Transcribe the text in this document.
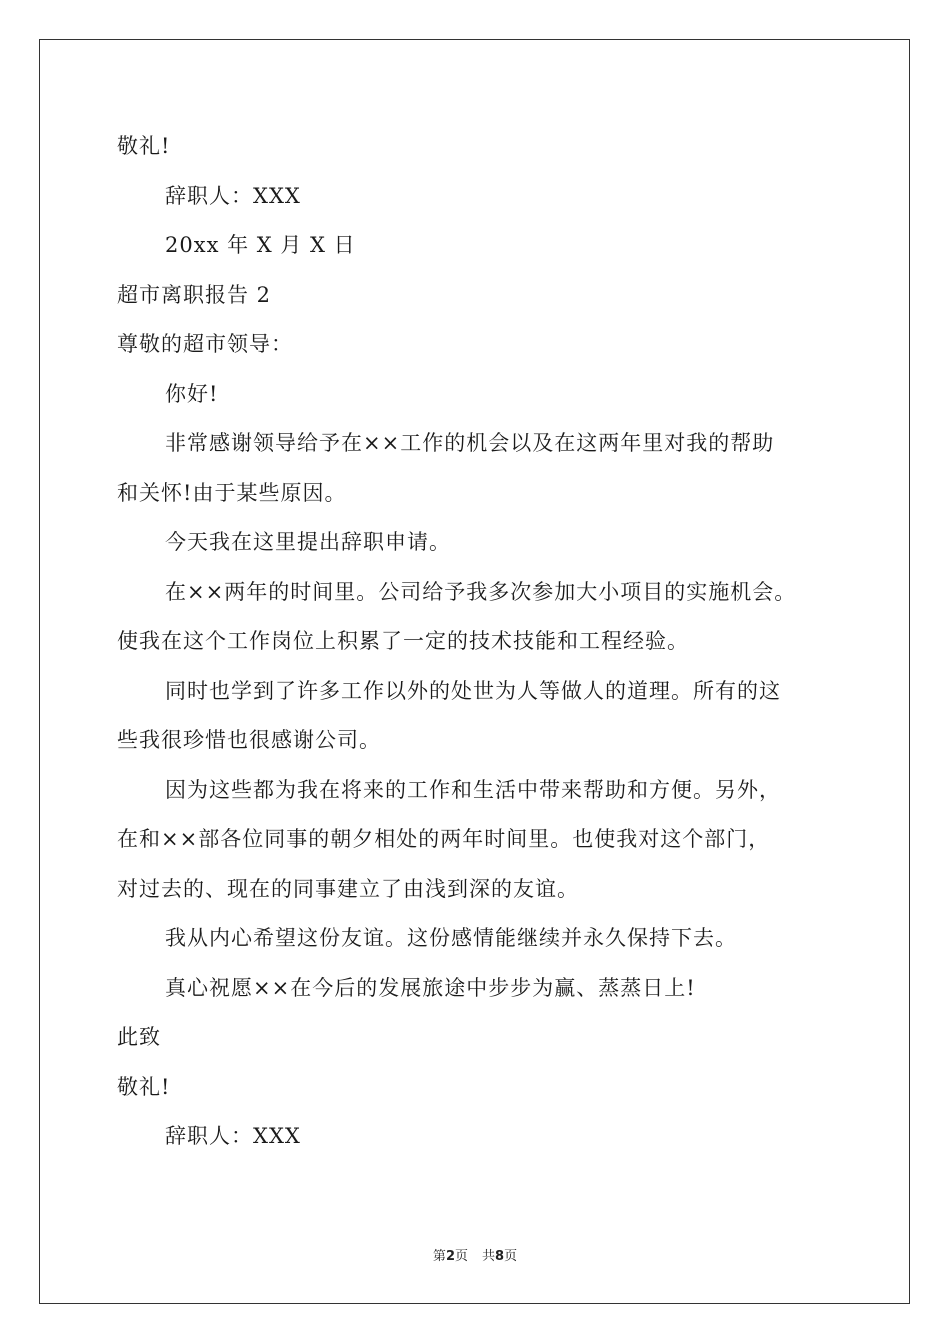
敬礼!
辞职人：XXX
20xx 年 X 月 X 日
超市离职报告 2
尊敬的超市领导：
你好!
非常感谢领导给予在××工作的机会以及在这两年里对我的帮助
和关怀!由于某些原因。
今天我在这里提出辞职申请。
在××两年的时间里。公司给予我多次参加大小项目的实施机会。
使我在这个工作岗位上积累了一定的技术技能和工程经验。
同时也学到了许多工作以外的处世为人等做人的道理。所有的这
些我很珍惜也很感谢公司。
因为这些都为我在将来的工作和生活中带来帮助和方便。另外，
在和××部各位同事的朝夕相处的两年时间里。也使我对这个部门，
对过去的、现在的同事建立了由浅到深的友谊。
我从内心希望这份友谊。这份感情能继续并永久保持下去。
真心祝愿××在今后的发展旅途中步步为赢、蒸蒸日上!
此致
敬礼!
辞职人：XXX
第2页 共8页
